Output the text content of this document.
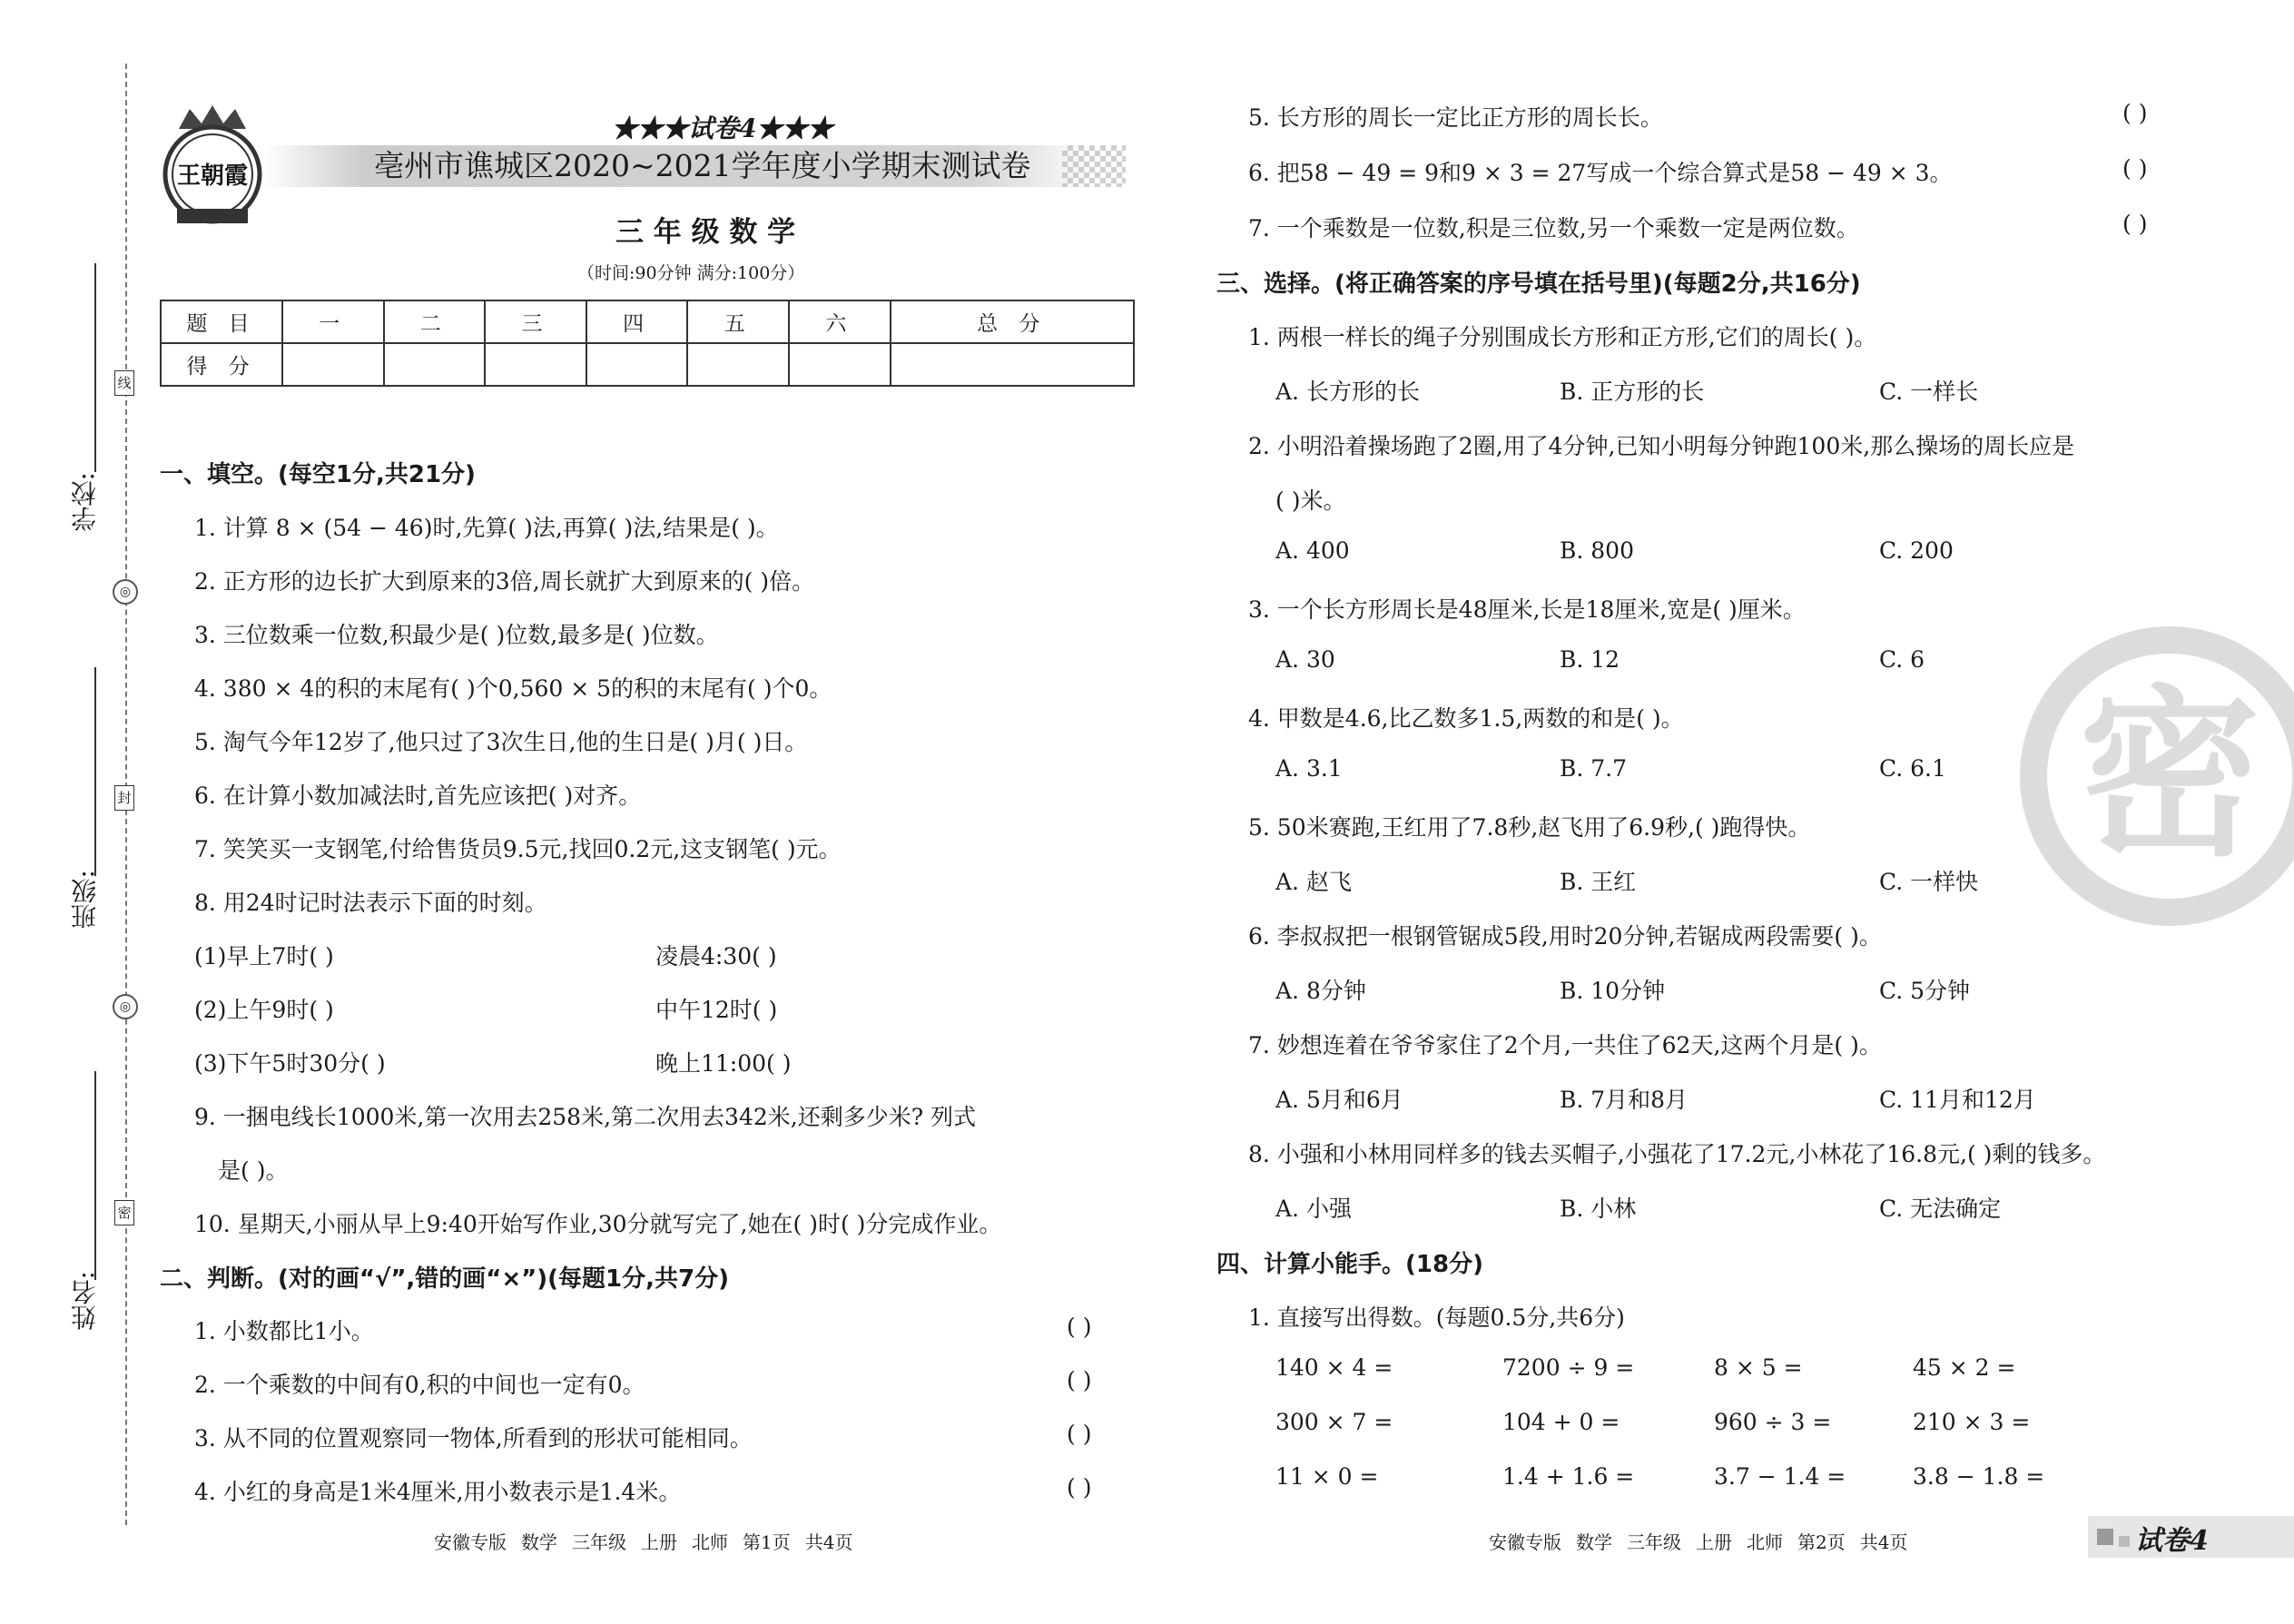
学校:
班级:
姓名:
线
封
密
◎
◎
王朝霞
★★★试卷4★★★
亳州市谯城区2020~2021学年度小学期末测试卷
三 年 级 数 学
（时间:90分钟 满分:100分）
题 目	一	二	三	四	五	六	总 分
得 分							
一、填空。(每空1分,共21分)
1. 计算 8 × (54 − 46)时,先算( )法,再算( )法,结果是( )。
2. 正方形的边长扩大到原来的3倍,周长就扩大到原来的( )倍。
3. 三位数乘一位数,积最少是( )位数,最多是( )位数。
4. 380 × 4的积的末尾有( )个0,560 × 5的积的末尾有( )个0。
5. 淘气今年12岁了,他只过了3次生日,他的生日是( )月( )日。
6. 在计算小数加减法时,首先应该把( )对齐。
7. 笑笑买一支钢笔,付给售货员9.5元,找回0.2元,这支钢笔( )元。
8. 用24时记时法表示下面的时刻。
(1)早上7时( )	凌晨4:30( )
(2)上午9时( )	中午12时( )
(3)下午5时30分( )	晚上11:00( )
9. 一捆电线长1000米,第一次用去258米,第二次用去342米,还剩多少米? 列式
是( )。
10. 星期天,小丽从早上9:40开始写作业,30分就写完了,她在( )时( )分完成作业。
二、判断。(对的画“√”,错的画“×”)(每题1分,共7分)
1. 小数都比1小。	( )
2. 一个乘数的中间有0,积的中间也一定有0。	( )
3. 从不同的位置观察同一物体,所看到的形状可能相同。	( )
4. 小红的身高是1米4厘米,用小数表示是1.4米。	( )
安徽专版 数学 三年级 上册 北师 第1页 共4页
5. 长方形的周长一定比正方形的周长长。	( )
6. 把58 − 49 = 9和9 × 3 = 27写成一个综合算式是58 − 49 × 3。	( )
7. 一个乘数是一位数,积是三位数,另一个乘数一定是两位数。	( )
密
三、选择。(将正确答案的序号填在括号里)(每题2分,共16分)
1. 两根一样长的绳子分别围成长方形和正方形,它们的周长( )。
A. 长方形的长	B. 正方形的长	C. 一样长
2. 小明沿着操场跑了2圈,用了4分钟,已知小明每分钟跑100米,那么操场的周长应是
( )米。
A. 400	B. 800	C. 200
3. 一个长方形周长是48厘米,长是18厘米,宽是( )厘米。
A. 30	B. 12	C. 6
4. 甲数是4.6,比乙数多1.5,两数的和是( )。
A. 3.1	B. 7.7	C. 6.1
5. 50米赛跑,王红用了7.8秒,赵飞用了6.9秒,( )跑得快。
A. 赵飞	B. 王红	C. 一样快
6. 李叔叔把一根钢管锯成5段,用时20分钟,若锯成两段需要( )。
A. 8分钟	B. 10分钟	C. 5分钟
7. 妙想连着在爷爷家住了2个月,一共住了62天,这两个月是( )。
A. 5月和6月	B. 7月和8月	C. 11月和12月
8. 小强和小林用同样多的钱去买帽子,小强花了17.2元,小林花了16.8元,( )剩的钱多。
A. 小强	B. 小林	C. 无法确定
四、计算小能手。(18分)
1. 直接写出得数。(每题0.5分,共6分)
140 × 4 =	7200 ÷ 9 =	8 × 5 =	45 × 2 =
300 × 7 =	104 + 0 =	960 ÷ 3 =	210 × 3 =
11 × 0 =	1.4 + 1.6 =	3.7 − 1.4 =	3.8 − 1.8 =
安徽专版 数学 三年级 上册 北师 第2页 共4页	试卷4
